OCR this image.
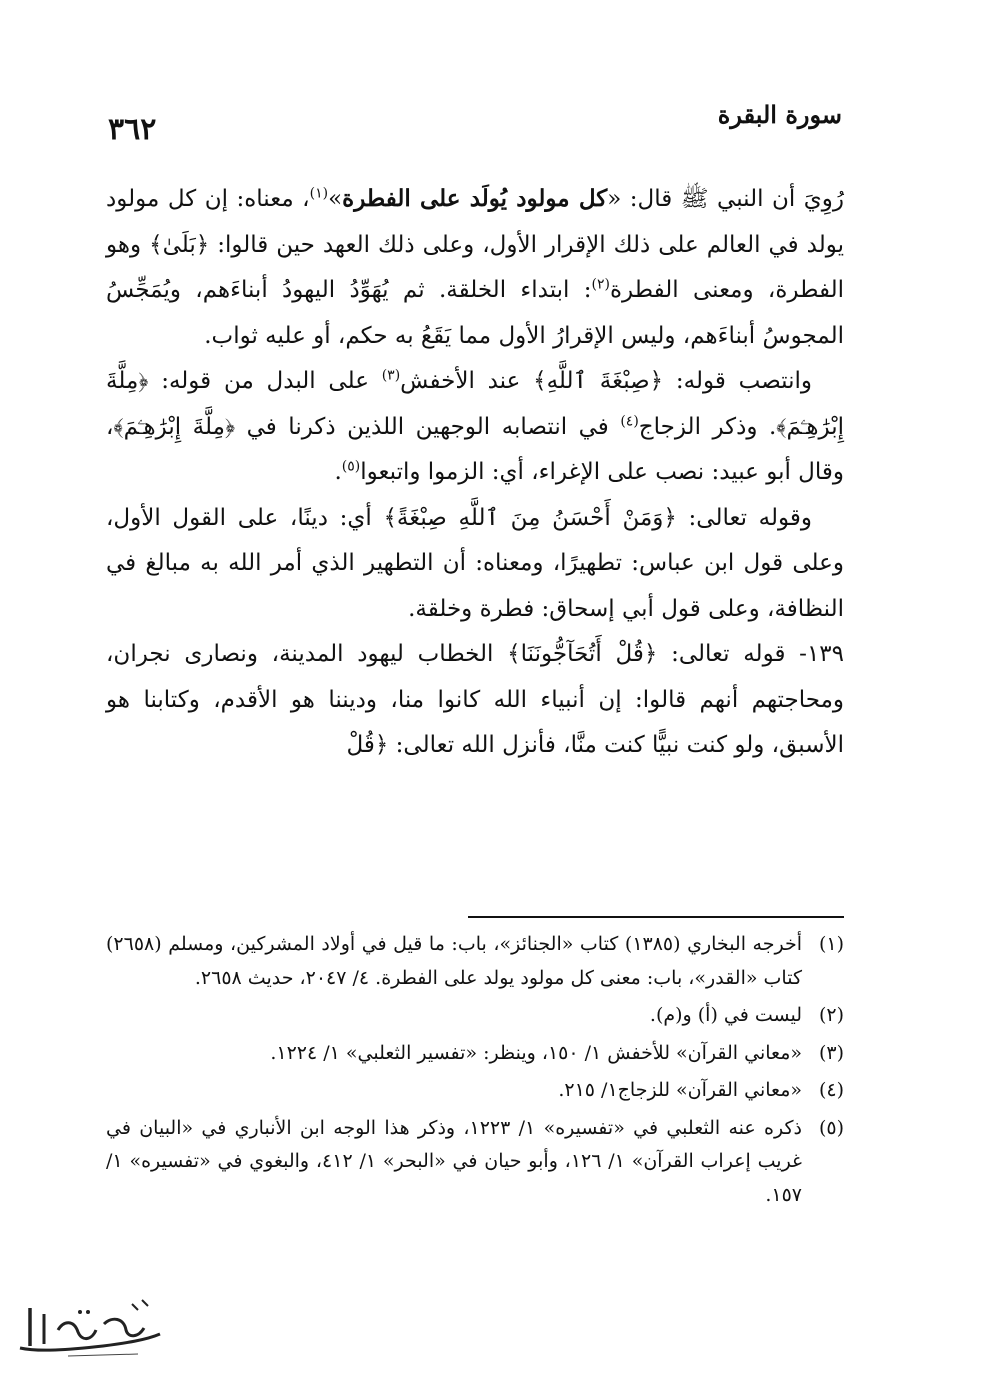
٣٦٢	سورة البقرة

رُوِيَ أن النبي ﷺ قال: «كل مولود يُولَد على الفطرة»$^{(١)}$، معناه: إن كل مولود يولد في العالم على ذلك الإقرار الأول، وعلى ذلك العهد حين قالوا: ﴿بَلَىٰ﴾ وهو الفطرة، ومعنى الفطرة$^{(٢)}$: ابتداء الخلقة. ثم يُهَوِّدُ اليهودُ أبناءَهم، ويُمَجِّسُ المجوسُ أبناءَهم، وليس الإقرارُ الأول مما يَقَعُ به حكم، أو عليه ثواب.

وانتصب قوله: ﴿صِبْغَةَ ٱللَّهِ﴾ عند الأخفش$^{(٣)}$ على البدل من قوله: ﴿مِلَّةَ إِبْرَٰهِـۧمَ﴾. وذكر الزجاج$^{(٤)}$ في انتصابه الوجهين اللذين ذكرنا في ﴿مِلَّةَ إِبْرَٰهِـۧمَ﴾، وقال أبو عبيد: نصب على الإغراء، أي: الزموا واتبعوا$^{(٥)}$.

وقوله تعالى: ﴿وَمَنْ أَحْسَنُ مِنَ ٱللَّهِ صِبْغَةً﴾ أي: دينًا، على القول الأول، وعلى قول ابن عباس: تطهيرًا، ومعناه: أن التطهير الذي أمر الله به مبالغ في النظافة، وعلى قول أبي إسحاق: فطرة وخلقة.

١٣٩- قوله تعالى: ﴿قُلْ أَتُحَآجُّونَنَا﴾ الخطاب ليهود المدينة، ونصارى نجران، ومحاجتهم أنهم قالوا: إن أنبياء الله كانوا منا، وديننا هو الأقدم، وكتابنا هو الأسبق، ولو كنت نبيًّا كنت منَّا، فأنزل الله تعالى: ﴿قُلْ

(١)
أخرجه البخاري (١٣٨٥) كتاب «الجنائز»، باب: ما قيل في أولاد المشركين، ومسلم (٢٦٥٨) كتاب «القدر»، باب: معنى كل مولود يولد على الفطرة. ٤/ ٢٠٤٧، حديث ٢٦٥٨.
(٢)
ليست في (أ) و(م).
(٣)
«معاني القرآن» للأخفش ١/ ١٥٠، وينظر: «تفسير الثعلبي» ١/ ١٢٢٤.
(٤)
«معاني القرآن» للزجاج١/ ٢١٥.
(٥)
ذكره عنه الثعلبي في «تفسيره» ١/ ١٢٢٣، وذكر هذا الوجه ابن الأنباري في «البيان في غريب إعراب القرآن» ١/ ١٢٦، وأبو حيان في «البحر» ١/ ٤١٢، والبغوي في «تفسيره» ١/ ١٥٧.
